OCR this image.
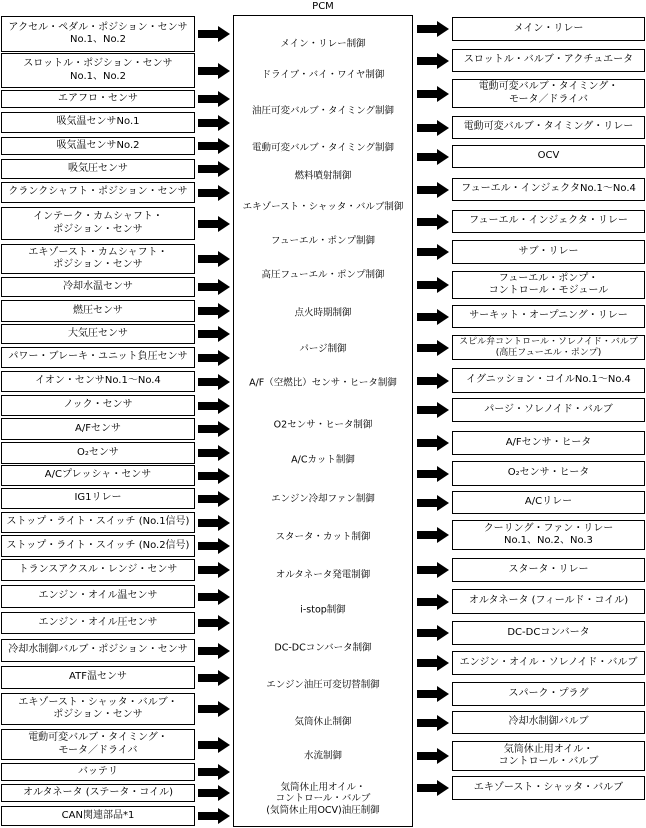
PCM
メイン・リレー制御
ドライブ・バイ・ワイヤ制御
油圧可変バルブ・タイミング制御
電動可変バルブ・タイミング制御
燃料噴射制御
エキゾースト・シャッタ・バルブ制御
フューエル・ポンプ制御
高圧フューエル・ポンプ制御
点火時期制御
パージ制御
A/F（空燃比）センサ・ヒータ制御
O2センサ・ヒータ制御
A/Cカット制御
エンジン冷却ファン制御
スタータ・カット制御
オルタネータ発電制御
i-stop制御
DC-DCコンバータ制御
エンジン油圧可変切替制御
気筒休止制御
水流制御
気筒休止用オイル・
コントロール・バルブ
(気筒休止用OCV)油圧制御
アクセル・ペダル・ポジション・センサ
No.1、No.2
スロットル・ポジション・センサ
No.1、No.2
エアフロ・センサ
吸気温センサNo.1
吸気温センサNo.2
吸気圧センサ
クランクシャフト・ポジション・センサ
インテーク・カムシャフト・
ポジション・センサ
エキゾースト・カムシャフト・
ポジション・センサ
冷却水温センサ
燃圧センサ
大気圧センサ
パワー・ブレーキ・ユニット負圧センサ
イオン・センサNo.1〜No.4
ノック・センサ
A/Fセンサ
O₂センサ
A/Cプレッシャ・センサ
IG1リレー
ストップ・ライト・スイッチ (No.1信号)
ストップ・ライト・スイッチ (No.2信号)
トランスアクスル・レンジ・センサ
エンジン・オイル温センサ
エンジン・オイル圧センサ
冷却水制御バルブ・ポジション・センサ
ATF温センサ
エキゾースト・シャッタ・バルブ・
ポジション・センサ
電動可変バルブ・タイミング・
モータ／ドライバ
バッテリ
オルタネータ (ステータ・コイル)
CAN関連部品*1
メイン・リレー
スロットル・バルブ・アクチュエータ
電動可変バルブ・タイミング・
モータ／ドライバ
電動可変バルブ・タイミング・リレー
OCV
フューエル・インジェクタNo.1〜No.4
フューエル・インジェクタ・リレー
サブ・リレー
フューエル・ポンプ・
コントロール・モジュール
サーキット・オープニング・リレー
スピル弁コントロール・ソレノイド・バルブ
(高圧フューエル・ポンプ)
イグニッション・コイルNo.1〜No.4
パージ・ソレノイド・バルブ
A/Fセンサ・ヒータ
O₂センサ・ヒータ
A/Cリレー
クーリング・ファン・リレー
No.1、No.2、No.3
スタータ・リレー
オルタネータ (フィールド・コイル)
DC-DCコンバータ
エンジン・オイル・ソレノイド・バルブ
スパーク・プラグ
冷却水制御バルブ
気筒休止用オイル・
コントロール・バルブ
エキゾースト・シャッタ・バルブ
